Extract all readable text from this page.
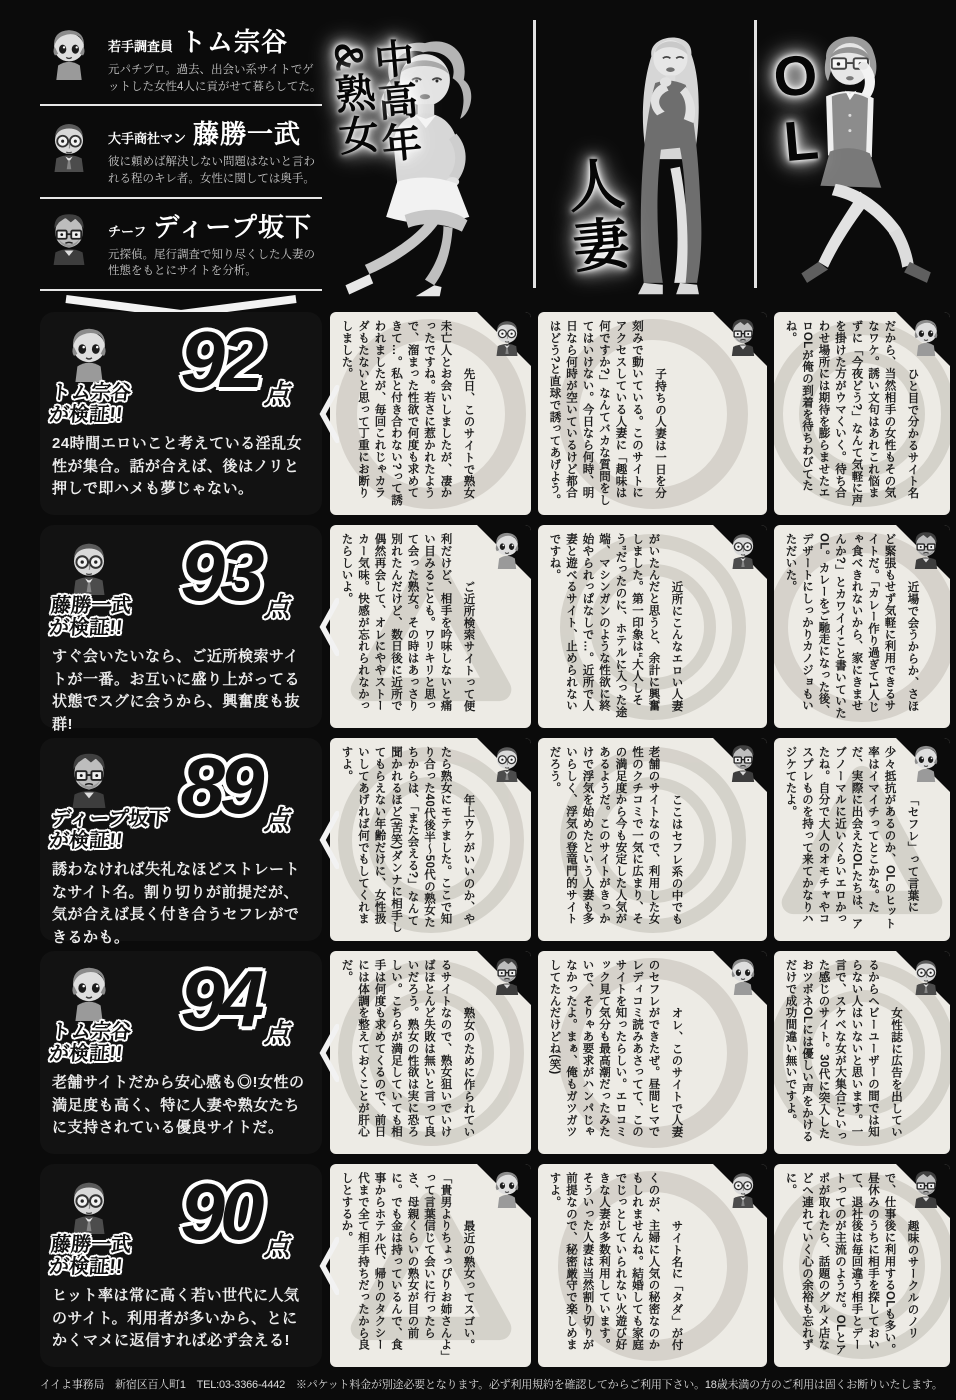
若手調査員 トム宗谷

元パチプロ。過去、出会い系サイトでゲットした女性4人に貢がせて暮らしてた。

大手商社マン 藤勝一武

彼に頼めば解決しない問題はないと言われる程のキレ者。女性に関しては奥手。

チーフ ディープ坂下

元探偵。尾行調査で知り尽くした人妻の性態をもとにサイトを分析。

中高年&熟女
人妻
OL
トム宗谷
が検証!!
92 点

24時間エロいこと考えている淫乱女性が集合。話が合えば、後はノリと押しで即ハメも夢じゃない。	先日、このサイトで熟女未亡人とお会いしましたが、凄かったですね。若さに惹かれたようで、溜まった性欲で何度も求めてきて…。私と付き合わない?って誘われましたが、毎回これじゃカラダもたないと思って丁重にお断りしました。
子持ちの人妻は一日を分刻みで動いている。このサイトにアクセスしている人妻に「趣味は何ですか?」なんてバカな質問をしてはいけない。今日なら何時、明日なら何時が空いているけど都合はどう?と直球で誘ってあげよう。	ひと目で分かるサイト名だから、当然相手の女性もその気なワケ。誘い文句はあれこれ悩まずに「今夜どう?」なんて気軽に声を掛けた方がウマくいく。待ち合わせ場所には期待を膨らませたエロOLが俺の到着を待ちわびてたね。
藤勝一武
が検証!!
93 点

すぐ会いたいなら、ご近所検索サイトが一番。お互いに盛り上がってる状態でスグに会うから、興奮度も抜群!

ご近所検索サイトって便利だけど、相手を吟味しないと痛い目みることも。ワリキリと思って会った熟女。その時はあっさり別れたんだけど、数日後に近所で偶然再会して、オレにややストーカー気味。快感が忘れられなかったらしいよ。
近所にこんなエロい人妻がいたんだと思うと、余計に興奮しました。第一印象は“大人しそう”だったのに、ホテルに入った途端、マシンガンのような性欲に終始やられっぱなしで…。近所で人妻と遊べるサイト、止められないですね。
近場で会うからか、さほど緊張もせず気軽に利用できるサイトだ。「カレー作り過ぎて1人じゃ食べきれないから、家にきませんか?」とカワイイこと書いていたOL。カレーをご馳走になった後、デザートにしっかりカノジョもいただいた。
ディープ坂下
が検証!!
89 点

誘わなければ失礼なほどストレートなサイト名。割り切りが前提だが、気が合えば長く付き合うセフレができるかも。

年上ウケがいいのか、やたら熟女にモテました。ここで知り合った40代後半〜50代の熟女たちからは、「また会える?」なんて聞かれるほど(苦笑)ダンナに相手してもらえない年齢だけに、女性扱いしてあげれば何でもしてくれますよ。
ここはセフレ系の中でも老舗のサイトなので、利用した女性のクチコミで一気に広まり、その満足度から今も安定した人気があるようだ。このサイトがきっかけで浮気を始めたという人妻も多いらしく、浮気の登竜門的サイトだろう。
「セフレ」って言葉に少々抵抗があるのか、OLのヒット率はイマイチってとこかな。ただ、実際に出会えたOLたちは、アブノーマルに近いくらいエロかったね。自分で大人のオモチャやコスプレものを持って来てかなりハジケてたよ。
トム宗谷
が検証!!
94 点

老舗サイトだから安心感も◎!女性の満足度も高く、特に人妻や熟女たちに支持されている優良サイトだ。	熟女のために作られているサイトなので、熟女狙いでいけばほとんど失敗は無いと言って良いだろう。熟女の性欲は実に恐ろしい。こちらが満足していても相手は何度も求めてくるので、前日には体調を整えておくことが肝心だ。
オレ、このサイトで人妻のセフレができたぜ。昼間ヒマでレディコミ読みあさってて、このサイトを知ったらしい。エロコミック見て気分も最高潮だったみたいで、そりゃあ要求がハンパじゃなかったよ。まぁ、俺もガツガツしてたんだけどね(笑)	女性誌に広告を出しているからヘビーユーザーの間では知らない人はいないと思います。一言で、スケベな女が大集合!といった感じのサイト。30代に突入したおツボネOLには優しい声をかけるだけで成功間違い無いですよ。
藤勝一武
が検証!!
90 点

ヒット率は常に高く若い世代に人気のサイト。利用者が多いから、とにかくマメに返信すれば必ず会える!	最近の熟女ってスゴい。「貴男よりちょっぴりお姉さんよ」って言葉信じて会いに行ったらさ、母親くらいの熟女が目の前に。でも金は持っているんで、食事からホテル代、帰りのタクシー代まで全て相手持ちだったから良しとするか。
サイト名に「タダ」が付くのが、主婦に人気の秘密なのかもしれませんね。結婚しても家庭でじっとしていられない火遊び好きな人妻が多数利用しています。そういった人妻は当然割り切りが前提なので、秘密厳守で楽しめますよ。
趣味のサークルのノリで、仕事後に利用するOLも多い。昼休みのうちに相手を探しておいて、退社後は毎回違う相手とデートってのが主流のようだ。OLとアポが取れたら、話題のグルメ店などへ連れていく心の余裕も忘れずに。
イイよ事務局　新宿区百人町1　TEL:03-3366-4442　※パケット料金が別途必要となります。必ず利用規約を確認してからご利用下さい。18歳未満の方のご利用は固くお断りいたします。
